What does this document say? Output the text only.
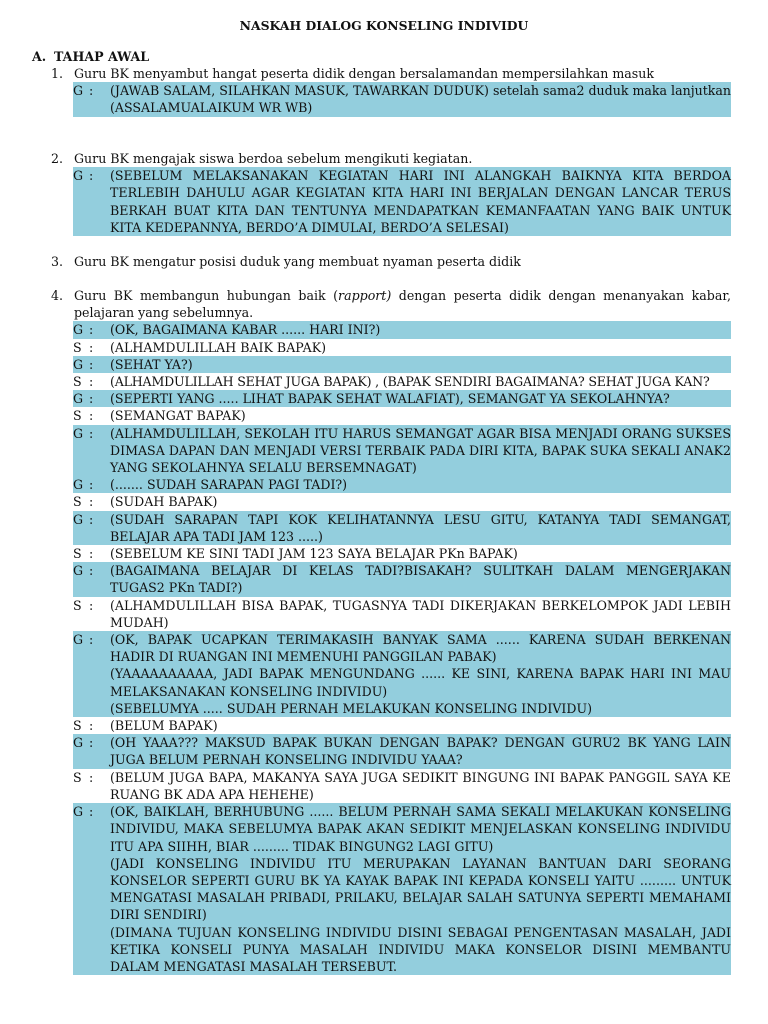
NASKAH DIALOG KONSELING INDIVIDU
A. TAHAP AWAL
1. Guru BK menyambut hangat peserta didik dengan bersalamandan mempersilahkan masuk
G : (JAWAB SALAM, SILAHKAN MASUK, TAWARKAN DUDUK) setelah sama2 duduk maka lanjutkan

(ASSALAMUALAIKUM WR WB)

2. Guru BK mengajak siswa berdoa sebelum mengikuti kegiatan.
G : (SEBELUM MELAKSANAKAN KEGIATAN HARI INI ALANGKAH BAIKNYA KITA BERDOA TERLEBIH DAHULU AGAR KEGIATAN KITA HARI INI BERJALAN DENGAN LANCAR TERUS BERKAH BUAT KITA DAN TENTUNYA MENDAPATKAN KEMANFAATAN YANG BAIK UNTUK KITA KEDEPANNYA, BERDO’A DIMULAI, BERDO’A SELESAI)

3. Guru BK mengatur posisi duduk yang membuat nyaman peserta didik
4. Guru BK membangun hubungan baik (rapport) dengan peserta didik dengan menanyakan kabar, pelajaran yang sebelumnya.
G : (OK, BAGAIMANA KABAR ...... HARI INI?)

S : (ALHAMDULILLAH BAIK BAPAK)

G : (SEHAT YA?)

S : (ALHAMDULILLAH SEHAT JUGA BAPAK) , (BAPAK SENDIRI BAGAIMANA? SEHAT JUGA KAN?

G : (SEPERTI YANG ..... LIHAT BAPAK SEHAT WALAFIAT), SEMANGAT YA SEKOLAHNYA?

S : (SEMANGAT BAPAK)

G : (ALHAMDULILLAH, SEKOLAH ITU HARUS SEMANGAT AGAR BISA MENJADI ORANG SUKSES DIMASA DAPAN DAN MENJADI VERSI TERBAIK PADA DIRI KITA, BAPAK SUKA SEKALI ANAK2 YANG SEKOLAHNYA SELALU BERSEMNAGAT)

G : (....... SUDAH SARAPAN PAGI TADI?)

S : (SUDAH BAPAK)

G : (SUDAH SARAPAN TAPI KOK KELIHATANNYA LESU GITU, KATANYA TADI SEMANGAT, BELAJAR APA TADI JAM 123 .....)

S : (SEBELUM KE SINI TADI JAM 123 SAYA BELAJAR PKn BAPAK)

G : (BAGAIMANA BELAJAR DI KELAS TADI?BISAKAH? SULITKAH DALAM MENGERJAKAN TUGAS2 PKn TADI?)

S : (ALHAMDULILLAH BISA BAPAK, TUGASNYA TADI DIKERJAKAN BERKELOMPOK JADI LEBIH MUDAH)

G : (OK, BAPAK UCAPKAN TERIMAKASIH BANYAK SAMA ...... KARENA SUDAH BERKENAN HADIR DI RUANGAN INI MEMENUHI PANGGILAN PABAK)

(YAAAAAAAAAA, JADI BAPAK MENGUNDANG ...... KE SINI, KARENA BAPAK HARI INI MAU MELAKSANAKAN KONSELING INDIVIDU)

(SEBELUMYA ..... SUDAH PERNAH MELAKUKAN KONSELING INDIVIDU)

S : (BELUM BAPAK)

G : (OH YAAA??? MAKSUD BAPAK BUKAN DENGAN BAPAK? DENGAN GURU2 BK YANG LAIN JUGA BELUM PERNAH KONSELING INDIVIDU YAAA?

S : (BELUM JUGA BAPA, MAKANYA SAYA JUGA SEDIKIT BINGUNG INI BAPAK PANGGIL SAYA KE RUANG BK ADA APA HEHEHE)

G : (OK, BAIKLAH, BERHUBUNG ...... BELUM PERNAH SAMA SEKALI MELAKUKAN KONSELING INDIVIDU, MAKA SEBELUMYA BAPAK AKAN SEDIKIT MENJELASKAN KONSELING INDIVIDU ITU APA SIIHH, BIAR ......... TIDAK BINGUNG2 LAGI GITU)

(JADI KONSELING INDIVIDU ITU MERUPAKAN LAYANAN BANTUAN DARI SEORANG KONSELOR SEPERTI GURU BK YA KAYAK BAPAK INI KEPADA KONSELI YAITU ......... UNTUK MENGATASI MASALAH PRIBADI, PRILAKU, BELAJAR SALAH SATUNYA SEPERTI MEMAHAMI DIRI SENDIRI)

(DIMANA TUJUAN KONSELING INDIVIDU DISINI SEBAGAI PENGENTASAN MASALAH, JADI KETIKA KONSELI PUNYA MASALAH INDIVIDU MAKA KONSELOR DISINI MEMBANTU DALAM MENGATASI MASALAH TERSEBUT.
